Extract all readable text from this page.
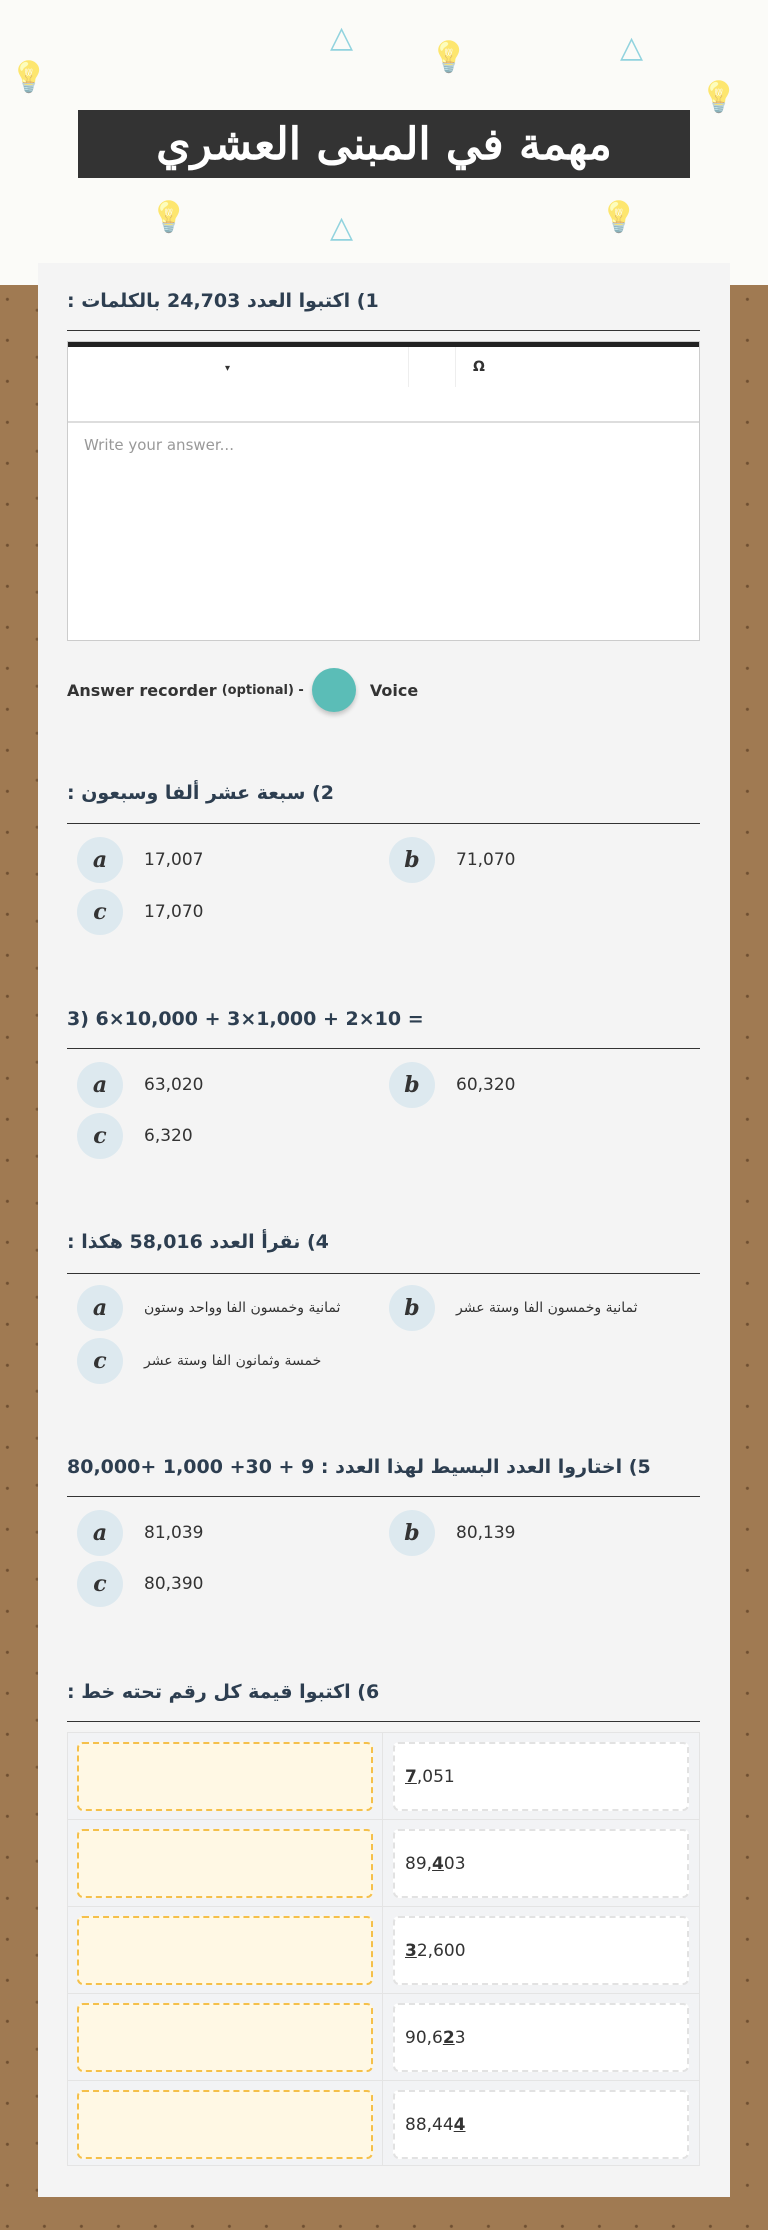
💡
△
💡	△
💡
💡	△	💡
مهمة في المبنى العشري
1) اكتبوا العدد 24,703 بالكلمات :
▾	Ω
Write your answer...
Answer recorder (optional) -	Voice
2) سبعة عشر ألفا وسبعون :
a	17,007	b	71,070
c	17,070
3) 6×10,000 + 3×1,000 + 2×10 =
a	63,020	b	60,320
c	6,320
4) نقرأ العدد 58,016 هكذا :
a	ثمانية وخمسون الفا وواحد وستون	b	ثمانية وخمسون الفا وستة عشر
c	خمسة وثمانون الفا وستة عشر
5) اختاروا العدد البسيط لهذا العدد : ‎80,000+ 1,000 +30 + 9
a	81,039	b	80,139
c	80,390
6) اكتبوا قيمة كل رقم تحته خط :
7 ,051
89, 4 03
3 2,600
90,6 2 3
88,44 4
